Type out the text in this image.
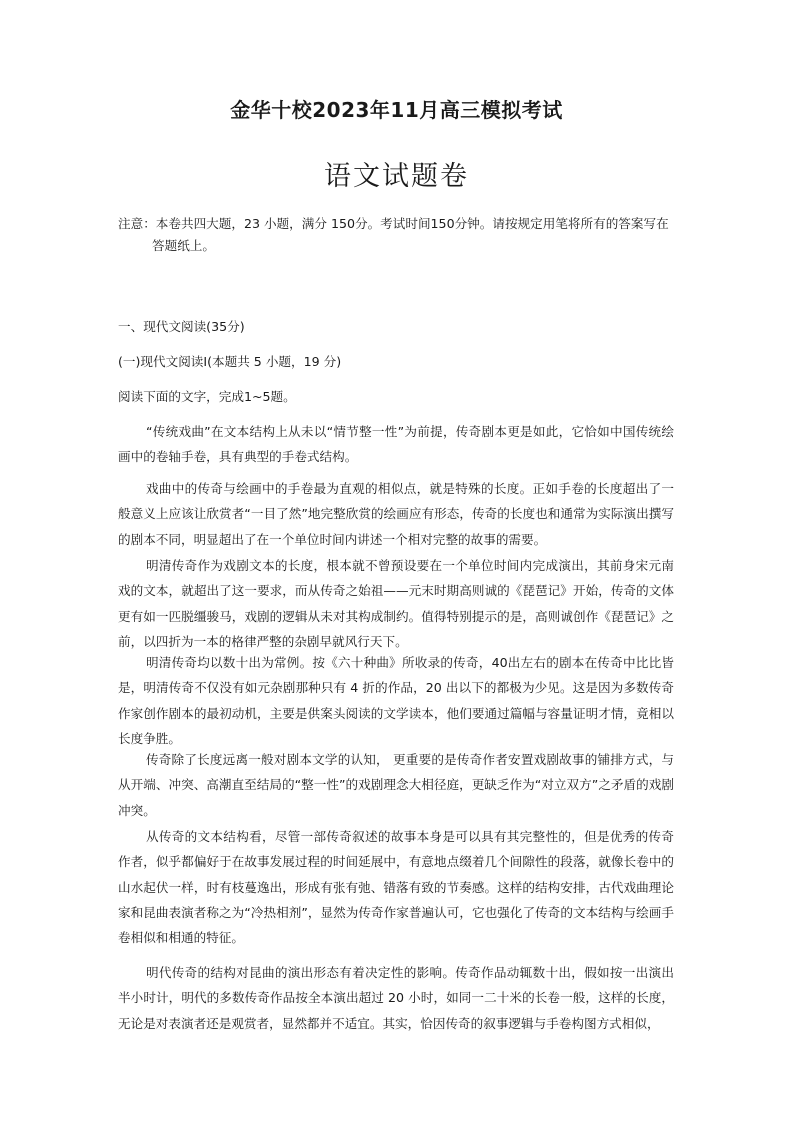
金华十校2023年11月高三模拟考试
语文试题卷
注意：本卷共四大题，23 小题，满分 150分。考试时间150分钟。请按规定用笔将所有的答案写在
答题纸上。
一、现代文阅读(35分)
(一)现代文阅读Ⅰ(本题共 5 小题，19 分)
阅读下面的文字，完成1~5题。
“传统戏曲”在文本结构上从未以“情节整一性”为前提，传奇剧本更是如此，它恰如中国传统绘画中的卷轴手卷，具有典型的手卷式结构。
戏曲中的传奇与绘画中的手卷最为直观的相似点，就是特殊的长度。正如手卷的长度超出了一般意义上应该让欣赏者“一目了然”地完整欣赏的绘画应有形态，传奇的长度也和通常为实际演出撰写的剧本不同，明显超出了在一个单位时间内讲述一个相对完整的故事的需要。
明清传奇作为戏剧文本的长度，根本就不曾预设要在一个单位时间内完成演出，其前身宋元南戏的文本，就超出了这一要求，而从传奇之始祖——元末时期高则诚的《琵琶记》开始，传奇的文体更有如一匹脱缰骏马，戏剧的逻辑从未对其构成制约。值得特别提示的是，高则诚创作《琵琶记》之前，以四折为一本的格律严整的杂剧早就风行天下。
明清传奇均以数十出为常例。按《六十种曲》所收录的传奇，40出左右的剧本在传奇中比比皆是，明清传奇不仅没有如元杂剧那种只有 4 折的作品，20 出以下的都极为少见。这是因为多数传奇作家创作剧本的最初动机，主要是供案头阅读的文学读本，他们要通过篇幅与容量证明才情，竟相以长度争胜。
传奇除了长度远离一般对剧本文学的认知， 更重要的是传奇作者安置戏剧故事的铺排方式，与从开端、冲突、高潮直至结局的“整一性”的戏剧理念大相径庭，更缺乏作为“对立双方”之矛盾的戏剧冲突。
从传奇的文本结构看，尽管一部传奇叙述的故事本身是可以具有其完整性的，但是优秀的传奇作者，似乎都偏好于在故事发展过程的时间延展中，有意地点缀着几个间隙性的段落，就像长卷中的山水起伏一样，时有枝蔓逸出，形成有张有弛、错落有致的节奏感。这样的结构安排，古代戏曲理论家和昆曲表演者称之为“冷热相剂”，显然为传奇作家普遍认可，它也强化了传奇的文本结构与绘画手卷相似和相通的特征。
明代传奇的结构对昆曲的演出形态有着决定性的影响。传奇作品动辄数十出，假如按一出演出半小时计，明代的多数传奇作品按全本演出超过 20 小时，如同一二十米的长卷一般，这样的长度，无论是对表演者还是观赏者，显然都并不适宜。其实，恰因传奇的叙事逻辑与手卷构图方式相似，
